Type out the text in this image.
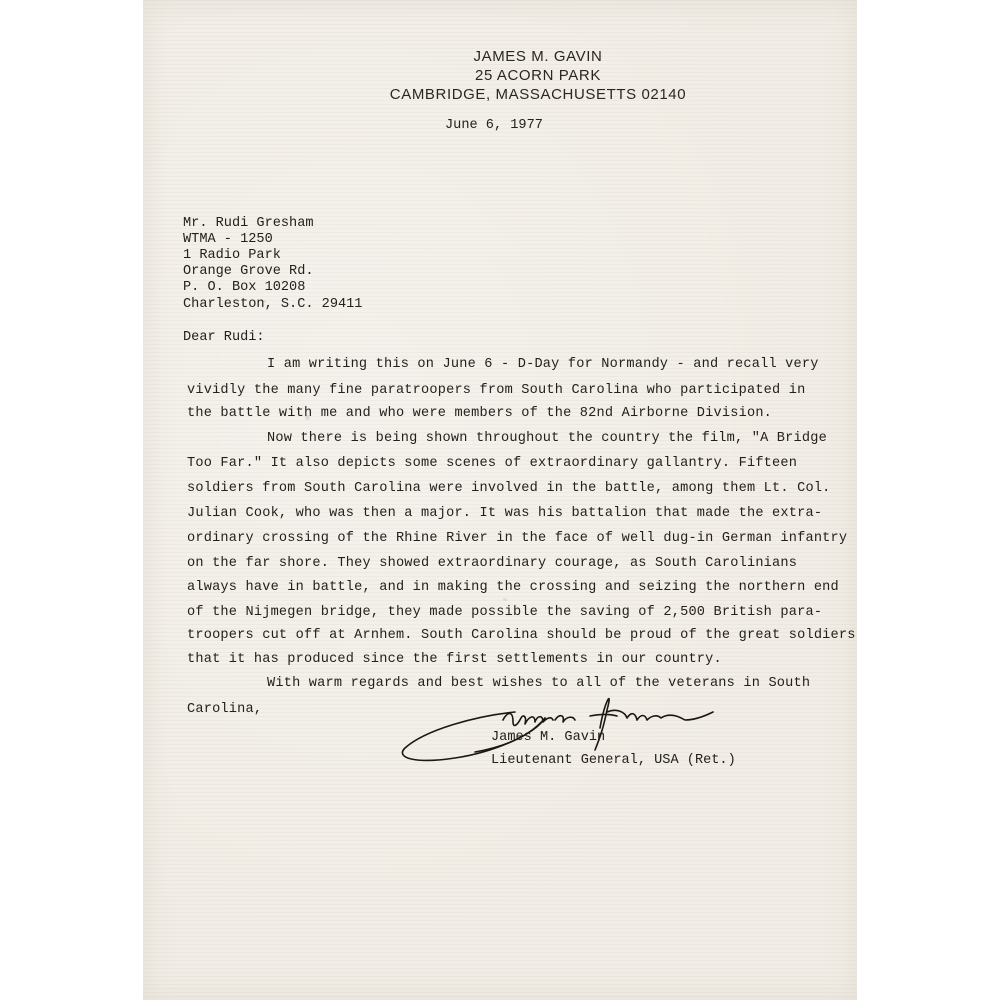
JAMES M. GAVIN
25 ACORN PARK
CAMBRIDGE, MASSACHUSETTS 02140
June 6, 1977
Mr. Rudi Gresham
WTMA - 1250
1 Radio Park
Orange Grove Rd.
P. O. Box 10208
Charleston, S.C. 29411
Dear Rudi:
I am writing this on June 6 - D-Day for Normandy - and recall very
vividly the many fine paratroopers from South Carolina who participated in
the battle with me and who were members of the 82nd Airborne Division.
Now there is being shown throughout the country the film, "A Bridge
Too Far." It also depicts some scenes of extraordinary gallantry. Fifteen
soldiers from South Carolina were involved in the battle, among them Lt. Col.
Julian Cook, who was then a major. It was his battalion that made the extra-
ordinary crossing of the Rhine River in the face of well dug-in German infantry
on the far shore. They showed extraordinary courage, as South Carolinians
always have in battle, and in making the crossing and seizing the northern end
of the Nijmegen bridge, they made possible the saving of 2,500 British para-
troopers cut off at Arnhem. South Carolina should be proud of the great soldiers
that it has produced since the first settlements in our country.
With warm regards and best wishes to all of the veterans in South
Carolina,
James M. Gavin
Lieutenant General, USA (Ret.)
